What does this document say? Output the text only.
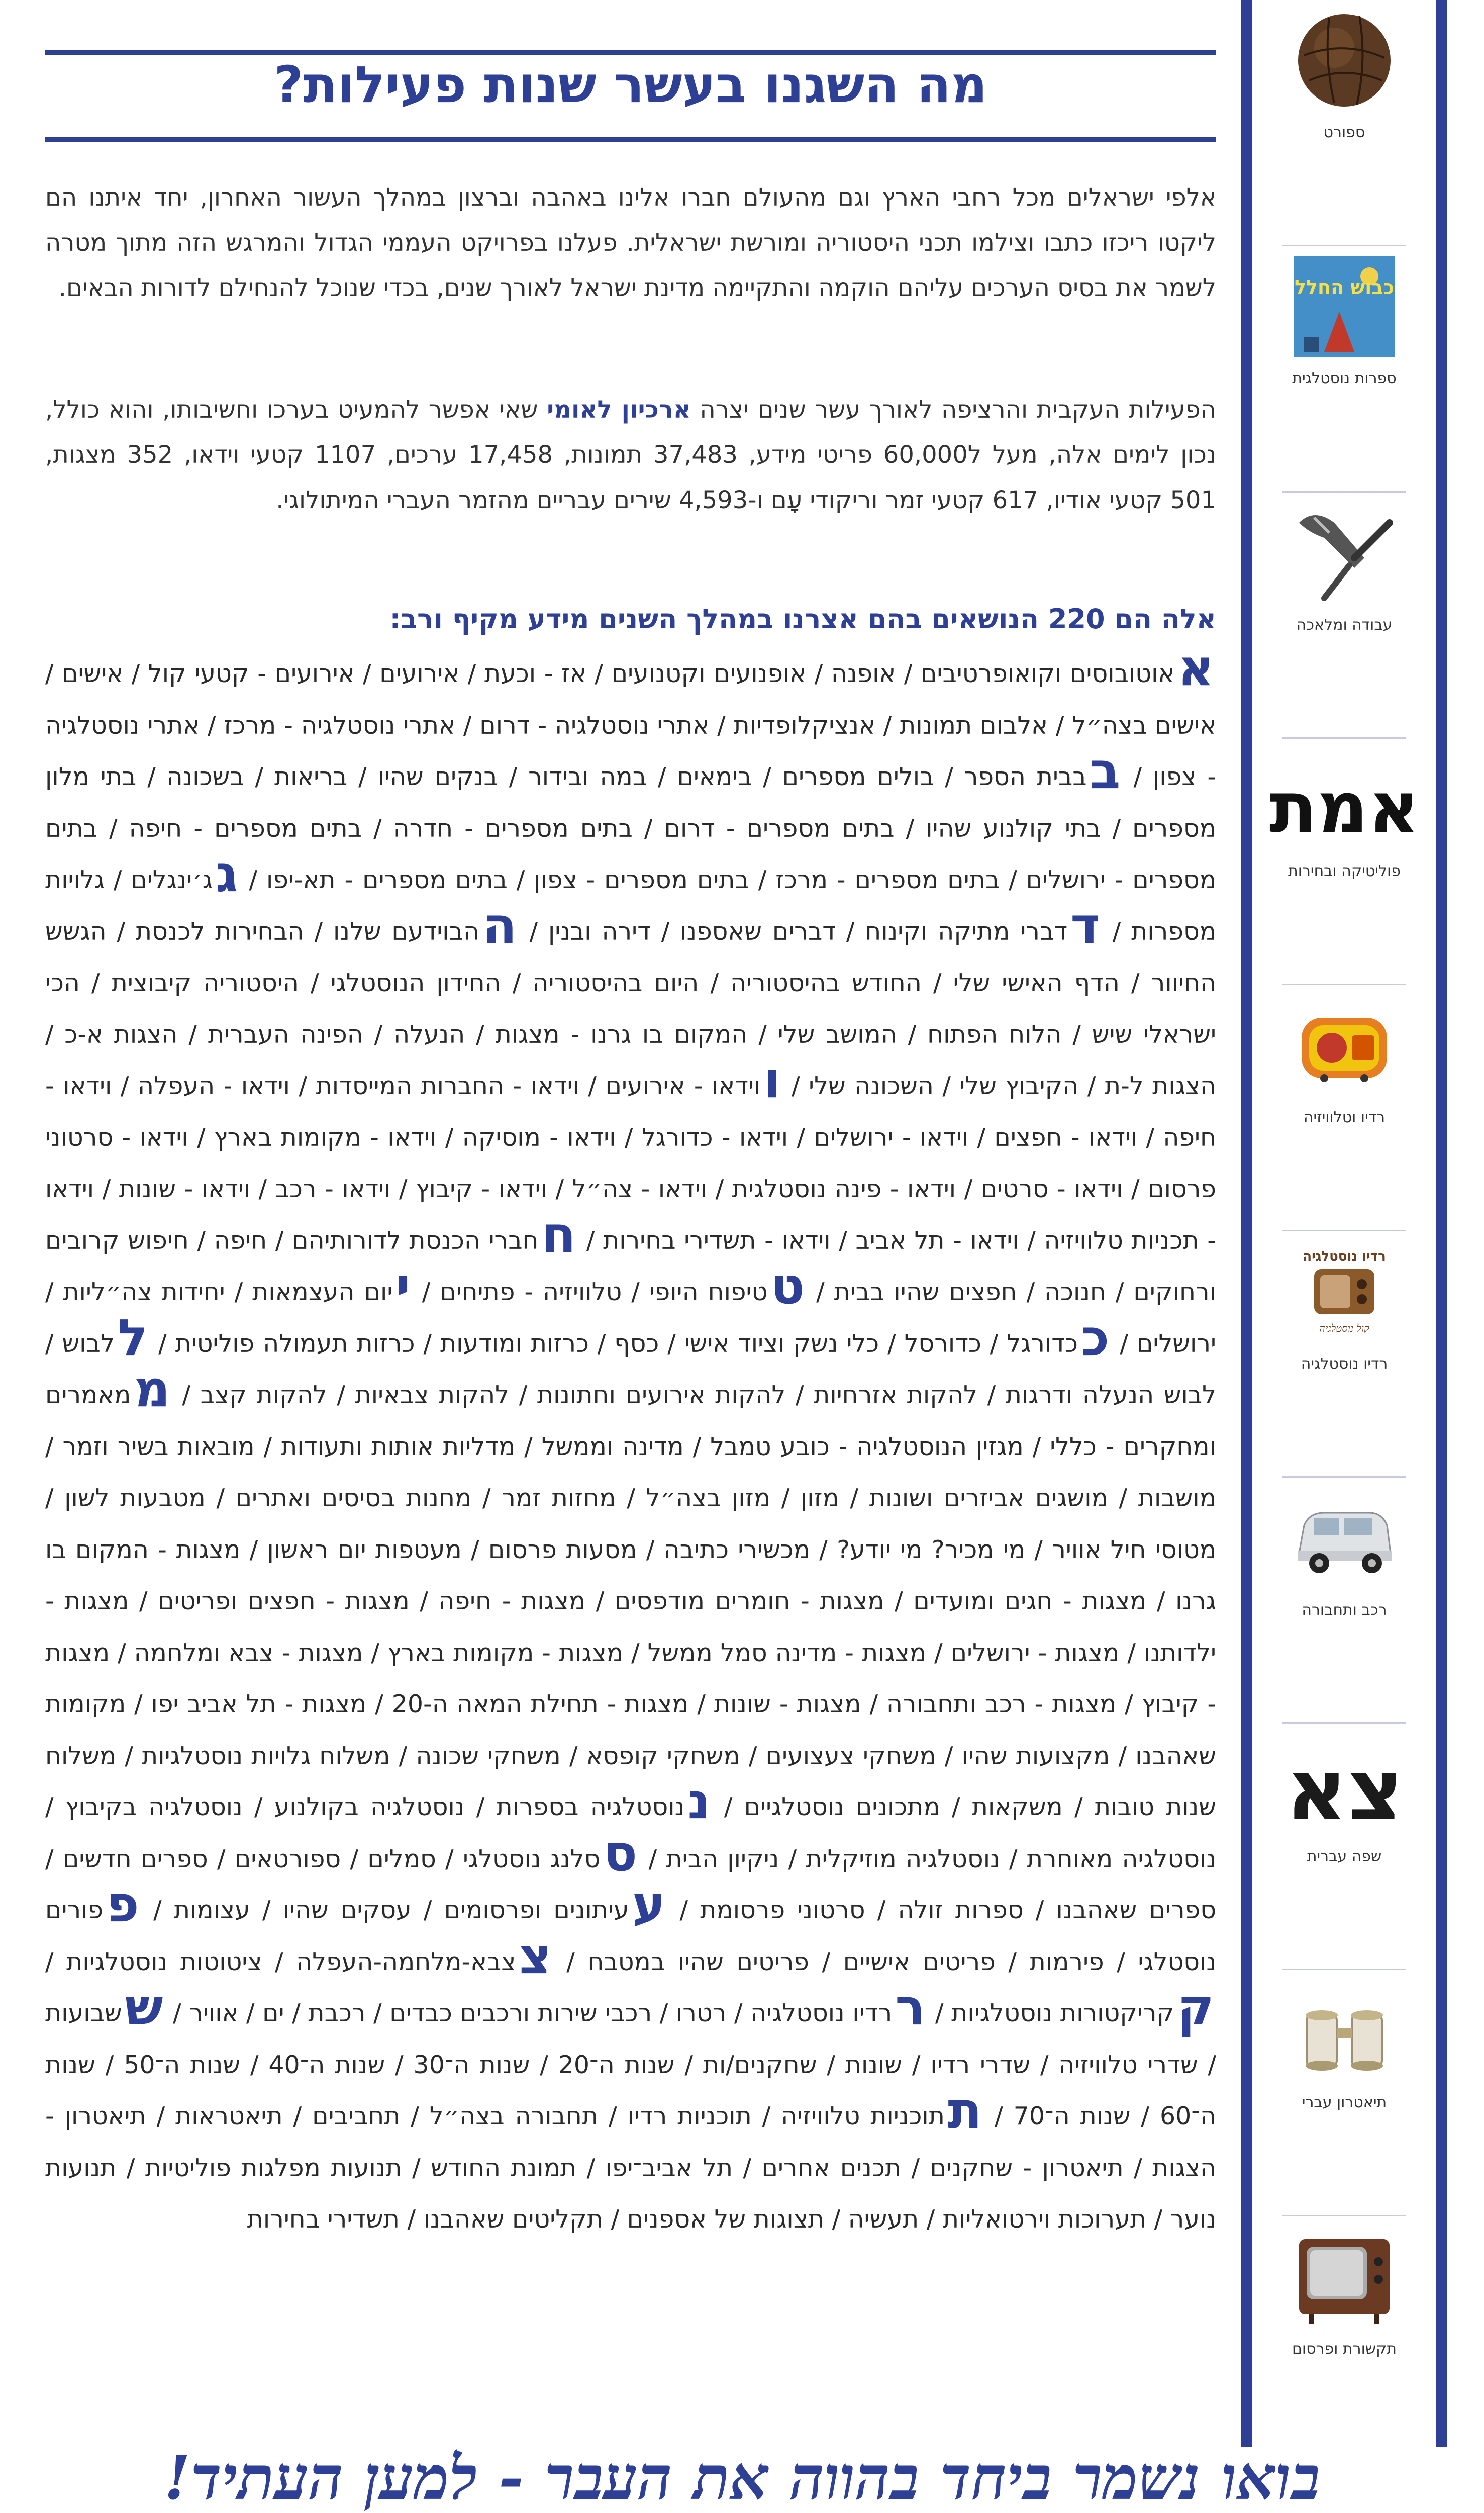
מה השגנו בעשר שנות פעילות?
אלפי ישראלים מכל רחבי הארץ וגם מהעולם חברו אלינו באהבה וברצון במהלך העשור האחרון, יחד איתנו הם ליקטו ריכזו כתבו וצילמו תכני היסטוריה ומורשת ישראלית. פעלנו בפרויקט העממי הגדול והמרגש הזה מתוך מטרה לשמר את בסיס הערכים עליהם הוקמה והתקיימה מדינת ישראל לאורך שנים, בכדי שנוכל להנחילם לדורות הבאים.
הפעילות העקבית והרציפה לאורך עשר שנים יצרה ארכיון לאומי שאי אפשר להמעיט בערכו וחשיבותו, והוא כולל, נכון לימים אלה, מעל ל60,000 פריטי מידע, 37,483 תמונות, 17,458 ערכים, 1107 קטעי וידאו, 352 מצגות, 501 קטעי אודיו, 617 קטעי זמר וריקודי עָם ו-4,593 שירים עבריים מהזמר העברי המיתולוגי.
אלה הם 220 הנושאים בהם אצרנו במהלך השנים מידע מקיף ורב:
אאוטובוסים וקואופרטיבים / אופנה / אופנועים וקטנועים / אז - וכעת / אירועים / אירועים - קטעי קול / אישים / אישים בצה״ל / אלבום תמונות / אנציקלופדיות / אתרי נוסטלגיה - דרום / אתרי נוסטלגיה - מרכז / אתרי נוסטלגיה - צפון / בבבית הספר / בולים מספרים / בימאים / במה ובידור / בנקים שהיו / בריאות / בשכונה / בתי מלון מספרים / בתי קולנוע שהיו / בתים מספרים - דרום / בתים מספרים - חדרה / בתים מספרים - חיפה / בתים מספרים - ירושלים / בתים מספרים - מרכז / בתים מספרים - צפון / בתים מספרים - תא-יפו / גג׳ינגלים / גלויות מספרות / דדברי מתיקה וקינוח / דברים שאספנו / דירה ובנין / ההבוידעם שלנו / הבחירות לכנסת / הגשש החיוור / הדף האישי שלי / החודש בהיסטוריה / היום בהיסטוריה / החידון הנוסטלגי / היסטוריה קיבוצית / הכי ישראלי שיש / הלוח הפתוח / המושב שלי / המקום בו גרנו - מצגות / הנעלה / הפינה העברית / הצגות א-כ / הצגות ל-ת / הקיבוץ שלי / השכונה שלי / ווידאו - אירועים / וידאו - החברות המייסדות / וידאו - העפלה / וידאו - חיפה / וידאו - חפצים / וידאו - ירושלים / וידאו - כדורגל / וידאו - מוסיקה / וידאו - מקומות בארץ / וידאו - סרטוני פרסום / וידאו - סרטים / וידאו - פינה נוסטלגית / וידאו - צה״ל / וידאו - קיבוץ / וידאו - רכב / וידאו - שונות / וידאו - תכניות טלוויזיה / וידאו - תל אביב / וידאו - תשדירי בחירות / חחברי הכנסת לדורותיהם / חיפה / חיפוש קרובים ורחוקים / חנוכה / חפצים שהיו בבית / טטיפוח היופי / טלוויזיה - פתיחים / ייום העצמאות / יחידות צה״ליות / ירושלים / ככדורגל / כדורסל / כלי נשק וציוד אישי / כסף / כרזות ומודעות / כרזות תעמולה פוליטית / ללבוש / לבוש הנעלה ודרגות / להקות אזרחיות / להקות אירועים וחתונות / להקות צבאיות / להקות קצב / ממאמרים ומחקרים - כללי / מגזין הנוסטלגיה - כובע טמבל / מדינה וממשל / מדליות אותות ותעודות / מובאות בשיר וזמר / מושבות / מושגים אביזרים ושונות / מזון / מזון בצה״ל / מחזות זמר / מחנות בסיסים ואתרים / מטבעות לשון / מטוסי חיל אוויר / מי מכיר? מי יודע? / מכשירי כתיבה / מסעות פרסום / מעטפות יום ראשון / מצגות - המקום בו גרנו / מצגות - חגים ומועדים / מצגות - חומרים מודפסים / מצגות - חיפה / מצגות - חפצים ופריטים / מצגות - ילדותנו / מצגות - ירושלים / מצגות - מדינה סמל ממשל / מצגות - מקומות בארץ / מצגות - צבא ומלחמה / מצגות - קיבוץ / מצגות - רכב ותחבורה / מצגות - שונות / מצגות - תחילת המאה ה-20 / מצגות - תל אביב יפו / מקומות שאהבנו / מקצועות שהיו / משחקי צעצועים / משחקי קופסא / משחקי שכונה / משלוח גלויות נוסטלגיות / משלוח שנות טובות / משקאות / מתכונים נוסטלגיים / ננוסטלגיה בספרות / נוסטלגיה בקולנוע / נוסטלגיה בקיבוץ / נוסטלגיה מאוחרת / נוסטלגיה מוזיקלית / ניקיון הבית / ססלנג נוסטלגי / סמלים / ספורטאים / ספרים חדשים / ספרים שאהבנו / ספרות זולה / סרטוני פרסומת / עעיתונים ופרסומים / עסקים שהיו / עצומות / פפורים נוסטלגי / פירמות / פריטים אישיים / פריטים שהיו במטבח / צצבא-מלחמה-העפלה / ציטוטות נוסטלגיות / קקריקטורות נוסטלגיות / ררדיו נוסטלגיה / רטרו / רכבי שירות ורכבים כבדים / רכבת / ים / אוויר / ששבועות / שדרי טלוויזיה / שדרי רדיו / שונות / שחקנים/ות / שנות ה־20 / שנות ה־30 / שנות ה־40 / שנות ה־50 / שנות ה־60 / שנות ה־70 / תתוכניות טלוויזיה / תוכניות רדיו / תחבורה בצה״ל / תחביבים / תיאטראות / תיאטרון - הצגות / תיאטרון - שחקנים / תכנים אחרים / תל אביב־יפו / תמונת החודש / תנועות מפלגות פוליטיות / תנועות נוער / תערוכות וירטואליות / תעשיה / תצוגות של אספנים / תקליטים שאהבנו / תשדירי בחירות
ספורט
כבוש החלל
ספרות נוסטלגית
עבודה ומלאכה
אמת
פוליטיקה ובחירות
רדיו וטלוויזיה
רדיו נוסטלגיה
קול נוסטלגיה
רדיו נוסטלגיה
רכב ותחבורה
צא
שפה עברית
תיאטרון עברי
תקשורת ופרסום
בואו נשמר ביחד בהווה את העבר - למען העתיד!
